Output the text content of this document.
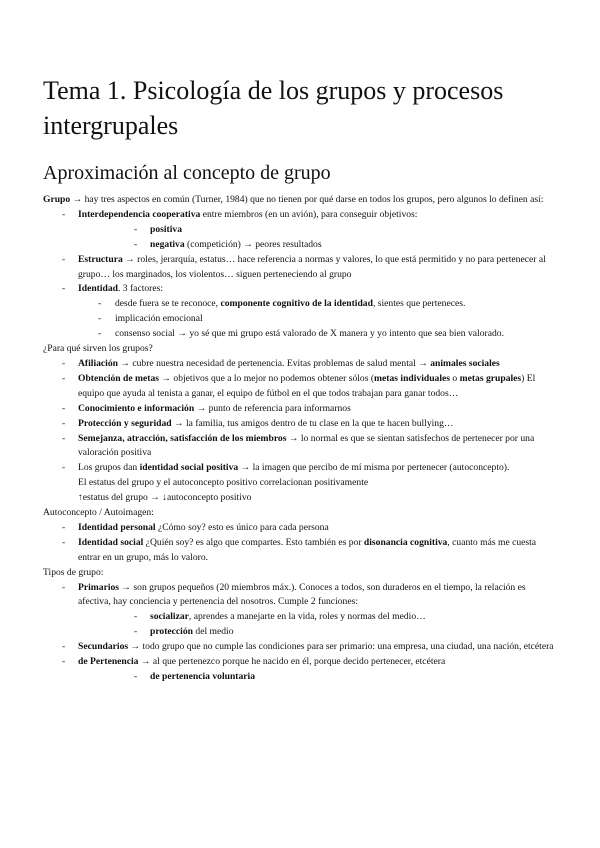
Tema 1. Psicología de los grupos y procesos intergrupales
Aproximación al concepto de grupo
Grupo → hay tres aspectos en común (Turner, 1984) que no tienen por qué darse en todos los grupos, pero algunos lo definen así:
- Interdependencia cooperativa entre miembros (en un avión), para conseguir objetivos:
- positiva
- negativa (competición) → peores resultados
- Estructura → roles, jerarquía, estatus… hace referencia a normas y valores, lo que está permitido y no para pertenecer al grupo… los marginados, los violentos… siguen perteneciendo al grupo
- Identidad. 3 factores:
- desde fuera se te reconoce, componente cognitivo de la identidad, sientes que perteneces.
- implicación emocional
- consenso social → yo sé que mi grupo está valorado de X manera y yo intento que sea bien valorado.
¿Para qué sirven los grupos?
- Afiliación → cubre nuestra necesidad de pertenencia. Evitas problemas de salud mental → animales sociales
- Obtención de metas → objetivos que a lo mejor no podemos obtener sólos (metas individuales o metas grupales) El equipo que ayuda al tenista a ganar, el equipo de fútbol en el que todos trabajan para ganar todos…
- Conocimiento e información → punto de referencia para informarnos
- Protección y seguridad → la familia, tus amigos dentro de tu clase en la que te hacen bullying…
- Semejanza, atracción, satisfacción de los miembros → lo normal es que se sientan satisfechos de pertenecer por una valoración positiva
- Los grupos dan identidad social positiva → la imagen que percibo de mí misma por pertenecer (autoconcepto).
El estatus del grupo y el autoconcepto positivo correlacionan positivamente
↑estatus del grupo → ↓autoconcepto positivo
Autoconcepto / Autoimagen:
- Identidad personal ¿Cómo soy? esto es único para cada persona
- Identidad social ¿Quién soy? es algo que compartes. Esto también es por disonancia cognitiva, cuanto más me cuesta entrar en un grupo, más lo valoro.
Tipos de grupo:
- Primarios → son grupos pequeños (20 miembros máx.). Conoces a todos, son duraderos en el tiempo, la relación es afectiva, hay conciencia y pertenencia del nosotros. Cumple 2 funciones:
- socializar, aprendes a manejarte en la vida, roles y normas del medio…
- protección del medio
- Secundarios → todo grupo que no cumple las condiciones para ser primario: una empresa, una ciudad, una nación, etcétera
- de Pertenencia → al que pertenezco porque he nacido en él, porque decido pertenecer, etcétera
- de pertenencia voluntaria
